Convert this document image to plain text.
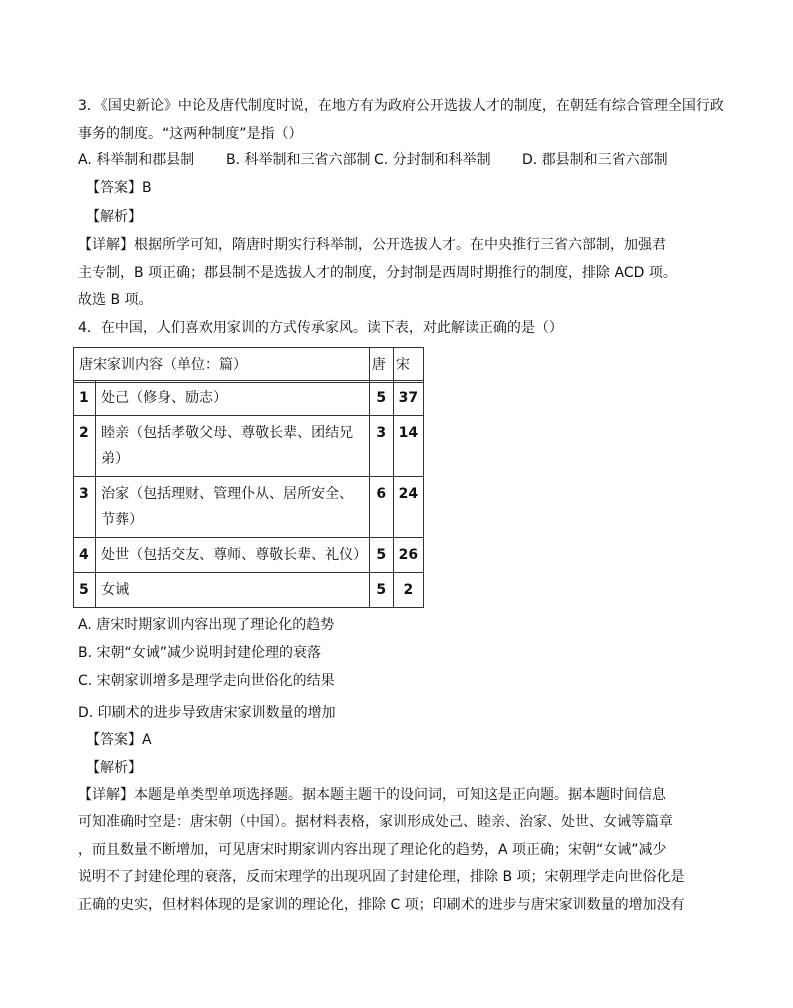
3．《国史新论》中论及唐代制度时说，在地方有为政府公开选拔人才的制度，在朝廷有综合管理全国行政
事务的制度。“这两种制度”是指（）
A. 科举制和郡县制 B. 科举制和三省六部制 C. 分封制和科举制 D. 郡县制和三省六部制
【答案】B
【解析】
【详解】根据所学可知，隋唐时期实行科举制，公开选拔人才。在中央推行三省六部制，加强君
主专制，B 项正确；郡县制不是选拔人才的制度，分封制是西周时期推行的制度，排除 ACD 项。
故选 B 项。
4．在中国，人们喜欢用家训的方式传承家风。读下表，对此解读正确的是（）
唐宋家训内容（单位：篇）	唐	宋
1	处己（修身、励志）	5	37
2	睦亲（包括孝敬父母、尊敬长辈、团结兄弟）	3	14
3	治家（包括理财、管理仆从、居所安全、节葬）	6	24
4	处世（包括交友、尊师、尊敬长辈、礼仪）	5	26
5	女诫	5	2
A. 唐宋时期家训内容出现了理论化的趋势
B. 宋朝“女诫”减少说明封建伦理的衰落
C. 宋朝家训增多是理学走向世俗化的结果
D. 印刷术的进步导致唐宋家训数量的增加
【答案】A
【解析】
【详解】本题是单类型单项选择题。据本题主题干的设问词，可知这是正向题。据本题时间信息
可知准确时空是：唐宋朝（中国）。据材料表格，家训形成处己、睦亲、治家、处世、女诫等篇章
，而且数量不断增加，可见唐宋时期家训内容出现了理论化的趋势，A 项正确；宋朝“女诫”减少
说明不了封建伦理的衰落，反而宋理学的出现巩固了封建伦理，排除 B 项；宋朝理学走向世俗化是
正确的史实，但材料体现的是家训的理论化，排除 C 项；印刷术的进步与唐宋家训数量的增加没有
